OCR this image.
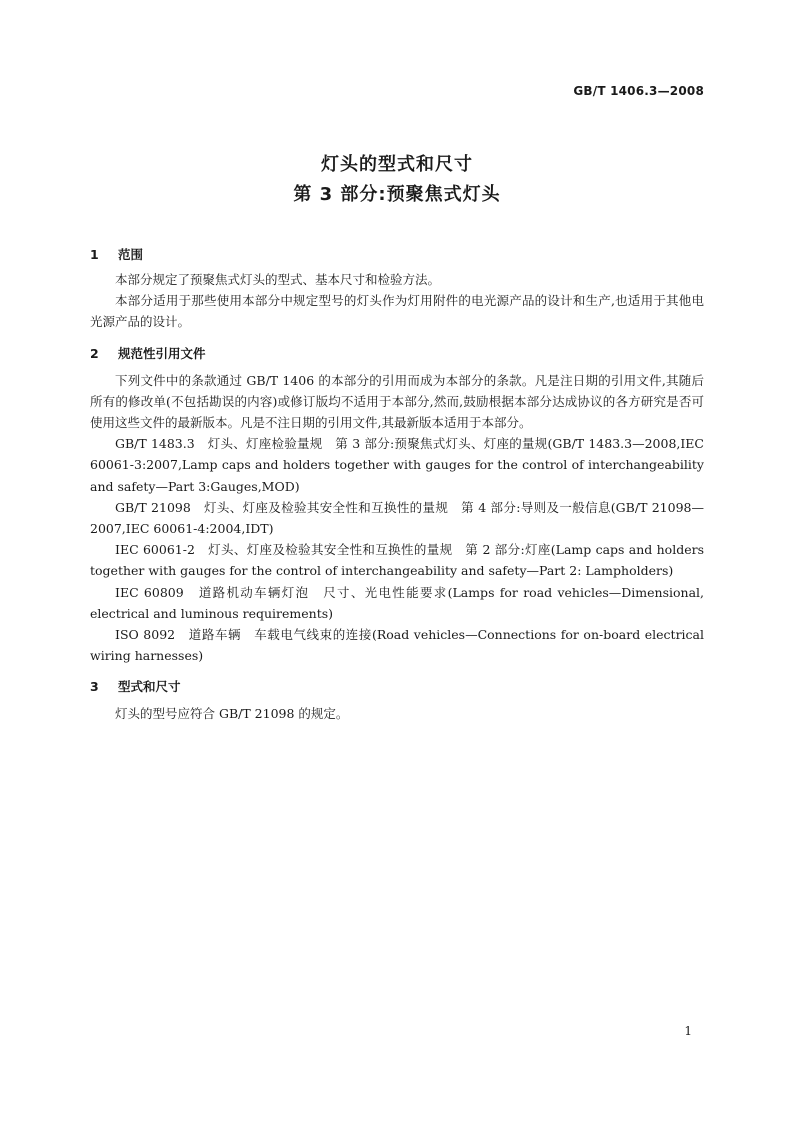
GB/T 1406.3—2008
灯头的型式和尺寸
第 3 部分:预聚焦式灯头

1 范围

本部分规定了预聚焦式灯头的型式、基本尺寸和检验方法。

本部分适用于那些使用本部分中规定型号的灯头作为灯用附件的电光源产品的设计和生产,也适用于其他电光源产品的设计。

2 规范性引用文件

下列文件中的条款通过 GB/T 1406 的本部分的引用而成为本部分的条款。凡是注日期的引用文件,其随后所有的修改单(不包括勘误的内容)或修订版均不适用于本部分,然而,鼓励根据本部分达成协议的各方研究是否可使用这些文件的最新版本。凡是不注日期的引用文件,其最新版本适用于本部分。

GB/T 1483.3　灯头、灯座检验量规　第 3 部分:预聚焦式灯头、灯座的量规(GB/T 1483.3—2008,IEC 60061-3:2007,Lamp caps and holders together with gauges for the control of interchangeability and safety—Part 3:Gauges,MOD)

GB/T 21098　灯头、灯座及检验其安全性和互换性的量规　第 4 部分:导则及一般信息(GB/T 21098—2007,IEC 60061-4:2004,IDT)

IEC 60061-2　灯头、灯座及检验其安全性和互换性的量规　第 2 部分:灯座(Lamp caps and holders together with gauges for the control of interchangeability and safety—Part 2: Lampholders)

IEC 60809　道路机动车辆灯泡　尺寸、光电性能要求(Lamps for road vehicles—Dimensional, electrical and luminous requirements)

ISO 8092　道路车辆　车载电气线束的连接(Road vehicles—Connections for on-board electrical wiring harnesses)

3 型式和尺寸

灯头的型号应符合 GB/T 21098 的规定。

1
